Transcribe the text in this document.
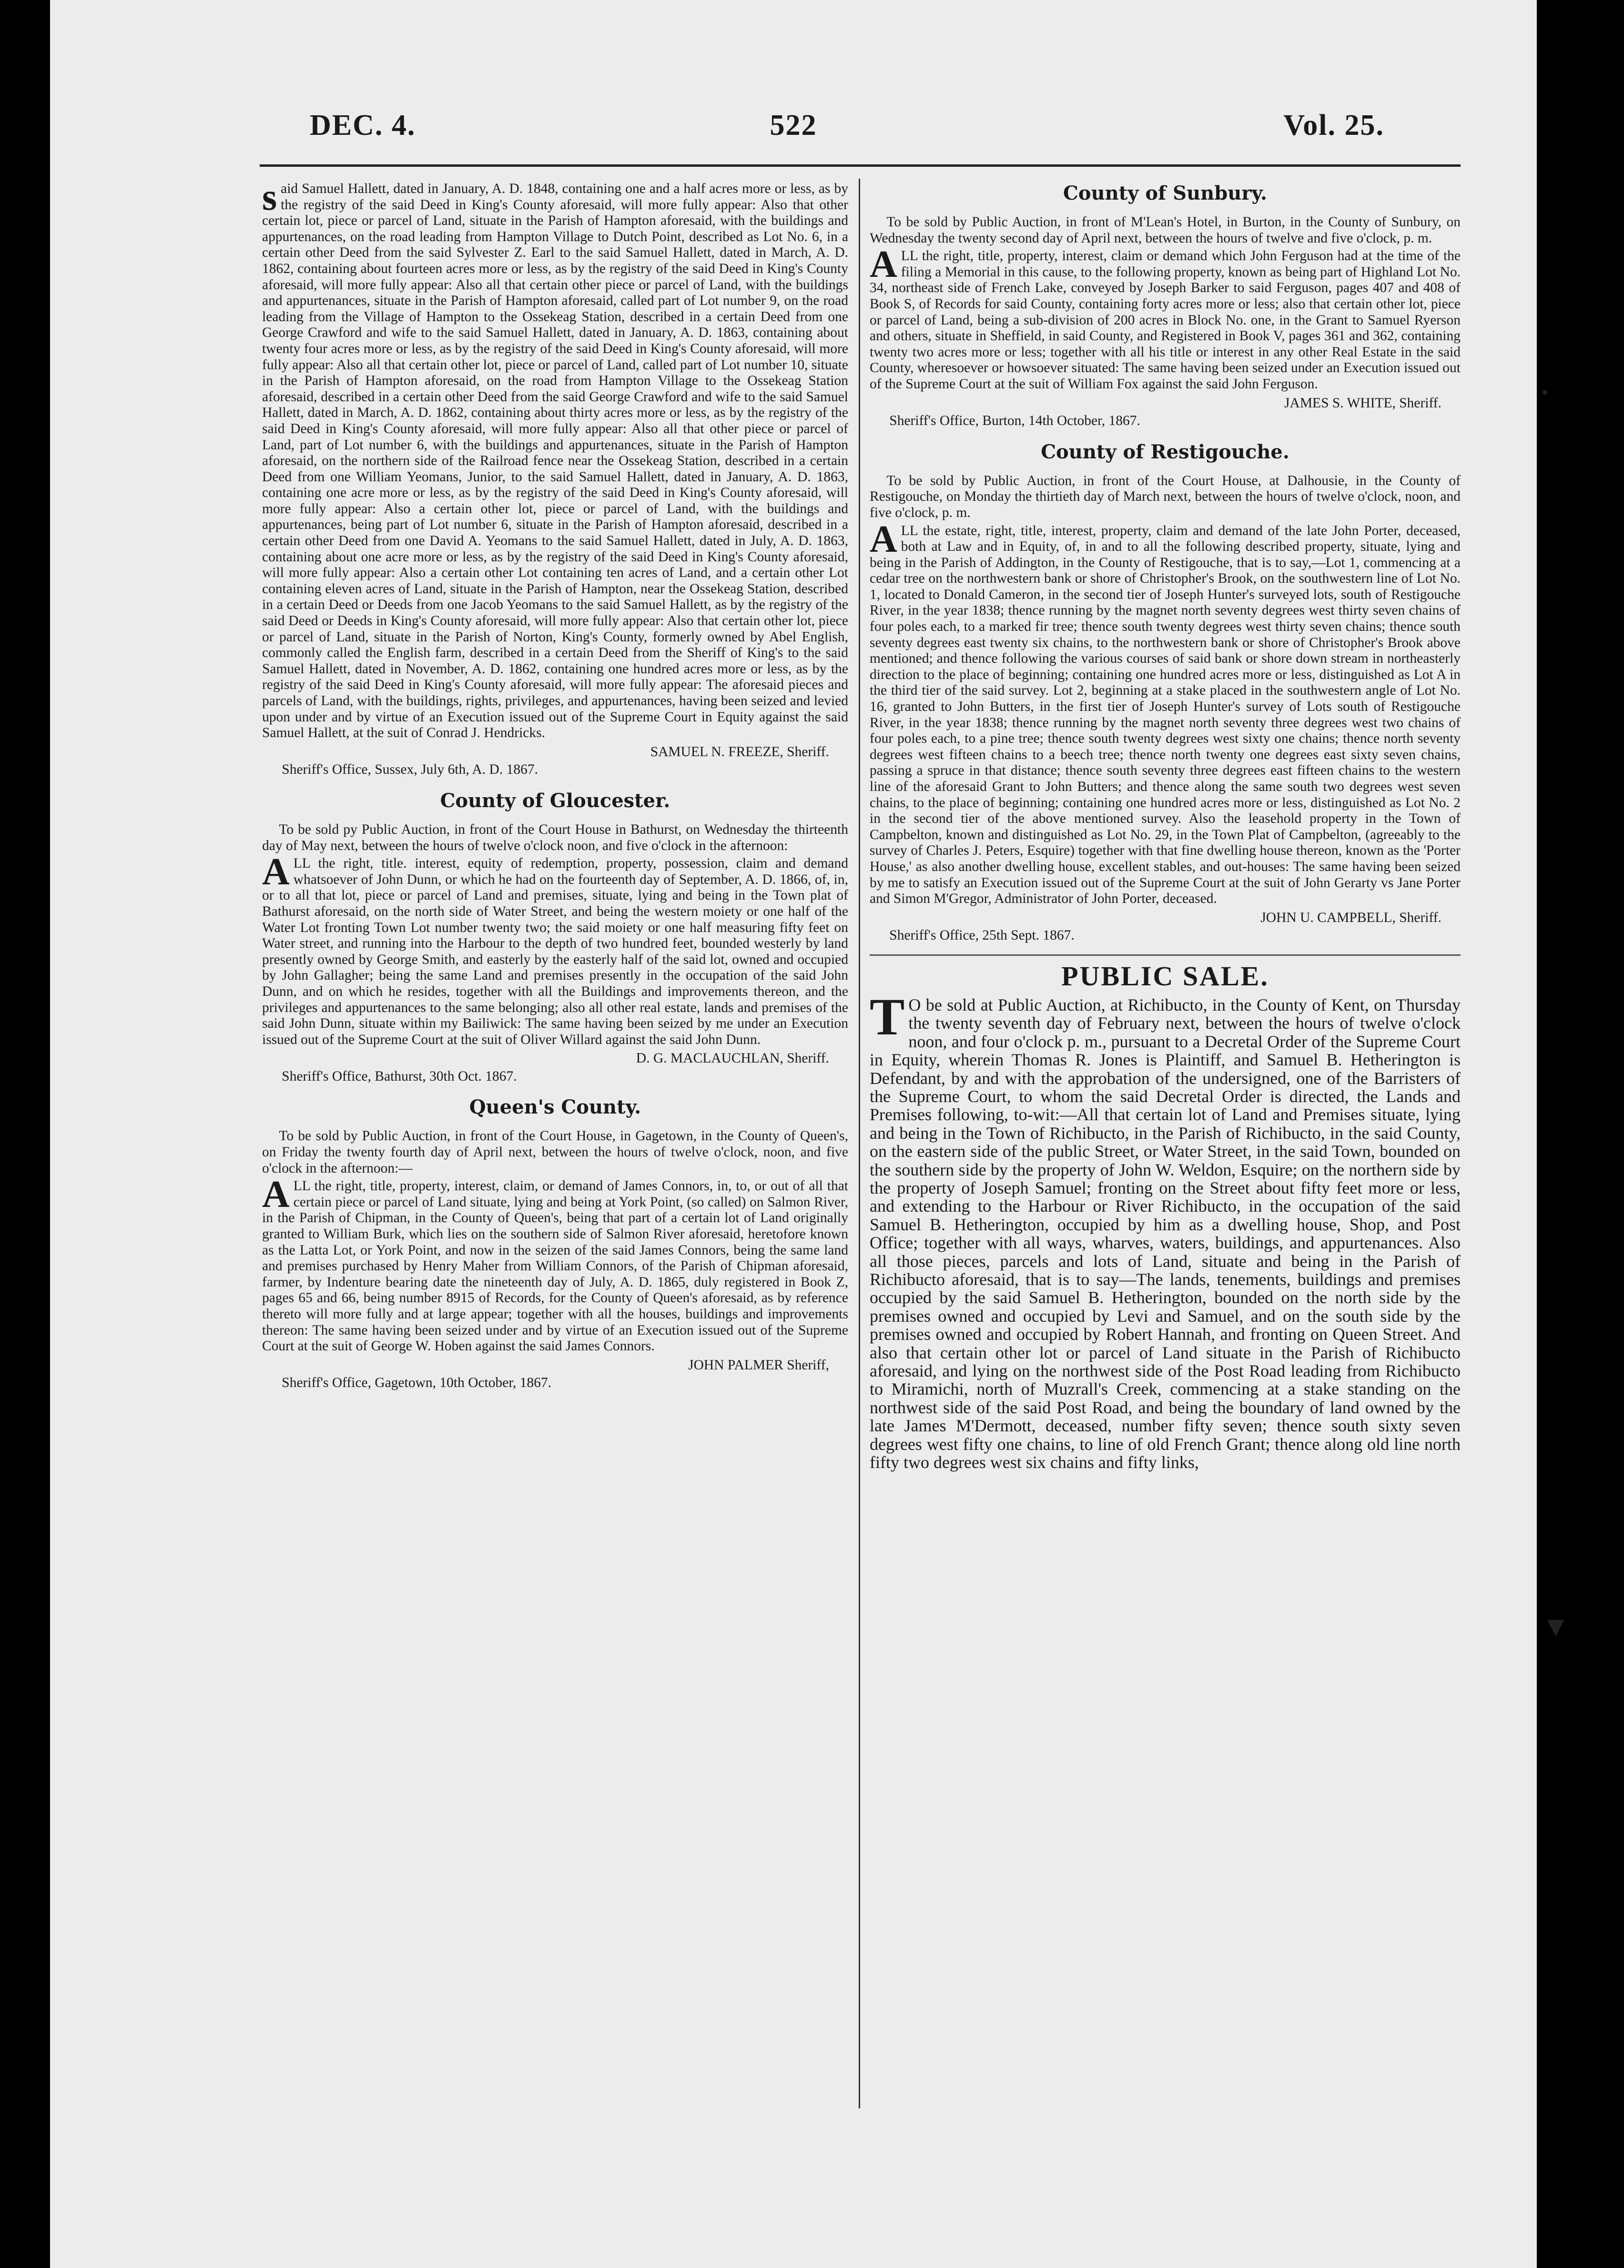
DEC. 4.	522	Vol. 25.

said Samuel Hallett, dated in January, A. D. 1848, containing one and a half acres more or less, as by the registry of the said Deed in King's County aforesaid, will more fully appear: Also that other certain lot, piece or parcel of Land, situate in the Parish of Hampton aforesaid, with the buildings and appurtenances, on the road leading from Hampton Village to Dutch Point, described as Lot No. 6, in a certain other Deed from the said Sylvester Z. Earl to the said Samuel Hallett, dated in March, A. D. 1862, containing about fourteen acres more or less, as by the registry of the said Deed in King's County aforesaid, will more fully appear: Also all that certain other piece or parcel of Land, with the buildings and appurtenances, situate in the Parish of Hampton aforesaid, called part of Lot number 9, on the road leading from the Village of Hampton to the Ossekeag Station, described in a certain Deed from one George Crawford and wife to the said Samuel Hallett, dated in January, A. D. 1863, containing about twenty four acres more or less, as by the registry of the said Deed in King's County aforesaid, will more fully appear: Also all that certain other lot, piece or parcel of Land, called part of Lot number 10, situate in the Parish of Hampton aforesaid, on the road from Hampton Village to the Ossekeag Station aforesaid, described in a certain other Deed from the said George Crawford and wife to the said Samuel Hallett, dated in March, A. D. 1862, containing about thirty acres more or less, as by the registry of the said Deed in King's County aforesaid, will more fully appear: Also all that other piece or parcel of Land, part of Lot number 6, with the buildings and appurtenances, situate in the Parish of Hampton aforesaid, on the northern side of the Railroad fence near the Ossekeag Station, described in a certain Deed from one William Yeomans, Junior, to the said Samuel Hallett, dated in January, A. D. 1863, containing one acre more or less, as by the registry of the said Deed in King's County aforesaid, will more fully appear: Also a certain other lot, piece or parcel of Land, with the buildings and appurtenances, being part of Lot number 6, situate in the Parish of Hampton aforesaid, described in a certain other Deed from one David A. Yeomans to the said Samuel Hallett, dated in July, A. D. 1863, containing about one acre more or less, as by the registry of the said Deed in King's County aforesaid, will more fully appear: Also a certain other Lot containing ten acres of Land, and a certain other Lot containing eleven acres of Land, situate in the Parish of Hampton, near the Ossekeag Station, described in a certain Deed or Deeds from one Jacob Yeomans to the said Samuel Hallett, as by the registry of the said Deed or Deeds in King's County aforesaid, will more fully appear: Also that certain other lot, piece or parcel of Land, situate in the Parish of Norton, King's County, formerly owned by Abel English, commonly called the English farm, described in a certain Deed from the Sheriff of King's to the said Samuel Hallett, dated in November, A. D. 1862, containing one hundred acres more or less, as by the registry of the said Deed in King's County aforesaid, will more fully appear: The aforesaid pieces and parcels of Land, with the buildings, rights, privileges, and appurtenances, having been seized and levied upon under and by virtue of an Execution issued out of the Supreme Court in Equity against the said Samuel Hallett, at the suit of Conrad J. Hendricks.

SAMUEL N. FREEZE, Sheriff.

Sheriff's Office, Sussex, July 6th, A. D. 1867.

County of Gloucester.

To be sold py Public Auction, in front of the Court House in Bathurst, on Wednesday the thirteenth day of May next, between the hours of twelve o'clock noon, and five o'clock in the afternoon:

ALL the right, title. interest, equity of redemption, property, possession, claim and demand whatsoever of John Dunn, or which he had on the fourteenth day of September, A. D. 1866, of, in, or to all that lot, piece or parcel of Land and premises, situate, lying and being in the Town plat of Bathurst aforesaid, on the north side of Water Street, and being the western moiety or one half of the Water Lot fronting Town Lot number twenty two; the said moiety or one half measuring fifty feet on Water street, and running into the Harbour to the depth of two hundred feet, bounded westerly by land presently owned by George Smith, and easterly by the easterly half of the said lot, owned and occupied by John Gallagher; being the same Land and premises presently in the occupation of the said John Dunn, and on which he resides, together with all the Buildings and improvements thereon, and the privileges and appurtenances to the same belonging; also all other real estate, lands and premises of the said John Dunn, situate within my Bailiwick: The same having been seized by me under an Execution issued out of the Supreme Court at the suit of Oliver Willard against the said John Dunn.

D. G. MACLAUCHLAN, Sheriff.

Sheriff's Office, Bathurst, 30th Oct. 1867.

Queen's County.

To be sold by Public Auction, in front of the Court House, in Gagetown, in the County of Queen's, on Friday the twenty fourth day of April next, between the hours of twelve o'clock, noon, and five o'clock in the afternoon:—

ALL the right, title, property, interest, claim, or demand of James Connors, in, to, or out of all that certain piece or parcel of Land situate, lying and being at York Point, (so called) on Salmon River, in the Parish of Chipman, in the County of Queen's, being that part of a certain lot of Land originally granted to William Burk, which lies on the southern side of Salmon River aforesaid, heretofore known as the Latta Lot, or York Point, and now in the seizen of the said James Connors, being the same land and premises purchased by Henry Maher from William Connors, of the Parish of Chipman aforesaid, farmer, by Indenture bearing date the nineteenth day of July, A. D. 1865, duly registered in Book Z, pages 65 and 66, being number 8915 of Records, for the County of Queen's aforesaid, as by reference thereto will more fully and at large appear; together with all the houses, buildings and improvements thereon: The same having been seized under and by virtue of an Execution issued out of the Supreme Court at the suit of George W. Hoben against the said James Connors.

JOHN PALMER Sheriff,

Sheriff's Office, Gagetown, 10th October, 1867.

County of Sunbury.

To be sold by Public Auction, in front of M'Lean's Hotel, in Burton, in the County of Sunbury, on Wednesday the twenty second day of April next, between the hours of twelve and five o'clock, p. m.

ALL the right, title, property, interest, claim or demand which John Ferguson had at the time of the filing a Memorial in this cause, to the following property, known as being part of Highland Lot No. 34, northeast side of French Lake, conveyed by Joseph Barker to said Ferguson, pages 407 and 408 of Book S, of Records for said County, containing forty acres more or less; also that certain other lot, piece or parcel of Land, being a sub-division of 200 acres in Block No. one, in the Grant to Samuel Ryerson and others, situate in Sheffield, in said County, and Registered in Book V, pages 361 and 362, containing twenty two acres more or less; together with all his title or interest in any other Real Estate in the said County, wheresoever or howsoever situated: The same having been seized under an Execution issued out of the Supreme Court at the suit of William Fox against the said John Ferguson.

JAMES S. WHITE, Sheriff.

Sheriff's Office, Burton, 14th October, 1867.

County of Restigouche.

To be sold by Public Auction, in front of the Court House, at Dalhousie, in the County of Restigouche, on Monday the thirtieth day of March next, between the hours of twelve o'clock, noon, and five o'clock, p. m.

ALL the estate, right, title, interest, property, claim and demand of the late John Porter, deceased, both at Law and in Equity, of, in and to all the following described property, situate, lying and being in the Parish of Addington, in the County of Restigouche, that is to say,—Lot 1, commencing at a cedar tree on the northwestern bank or shore of Christopher's Brook, on the southwestern line of Lot No. 1, located to Donald Cameron, in the second tier of Joseph Hunter's surveyed lots, south of Restigouche River, in the year 1838; thence running by the magnet north seventy degrees west thirty seven chains of four poles each, to a marked fir tree; thence south twenty degrees west thirty seven chains; thence south seventy degrees east twenty six chains, to the northwestern bank or shore of Christopher's Brook above mentioned; and thence following the various courses of said bank or shore down stream in northeasterly direction to the place of beginning; containing one hundred acres more or less, distinguished as Lot A in the third tier of the said survey. Lot 2, beginning at a stake placed in the southwestern angle of Lot No. 16, granted to John Butters, in the first tier of Joseph Hunter's survey of Lots south of Restigouche River, in the year 1838; thence running by the magnet north seventy three degrees west two chains of four poles each, to a pine tree; thence south twenty degrees west sixty one chains; thence north seventy degrees west fifteen chains to a beech tree; thence north twenty one degrees east sixty seven chains, passing a spruce in that distance; thence south seventy three degrees east fifteen chains to the western line of the aforesaid Grant to John Butters; and thence along the same south two degrees west seven chains, to the place of beginning; containing one hundred acres more or less, distinguished as Lot No. 2 in the second tier of the above mentioned survey. Also the leasehold property in the Town of Campbelton, known and distinguished as Lot No. 29, in the Town Plat of Campbelton, (agreeably to the survey of Charles J. Peters, Esquire) together with that fine dwelling house thereon, known as the 'Porter House,' as also another dwelling house, excellent stables, and out-houses: The same having been seized by me to satisfy an Execution issued out of the Supreme Court at the suit of John Gerarty vs Jane Porter and Simon M'Gregor, Administrator of John Porter, deceased.

JOHN U. CAMPBELL, Sheriff.

Sheriff's Office, 25th Sept. 1867.

PUBLIC SALE.

TO be sold at Public Auction, at Richibucto, in the County of Kent, on Thursday the twenty seventh day of February next, between the hours of twelve o'clock noon, and four o'clock p. m., pursuant to a Decretal Order of the Supreme Court in Equity, wherein Thomas R. Jones is Plaintiff, and Samuel B. Hetherington is Defendant, by and with the approbation of the undersigned, one of the Barristers of the Supreme Court, to whom the said Decretal Order is directed, the Lands and Premises following, to-wit:—All that certain lot of Land and Premises situate, lying and being in the Town of Richibucto, in the Parish of Richibucto, in the said County, on the eastern side of the public Street, or Water Street, in the said Town, bounded on the southern side by the property of John W. Weldon, Esquire; on the northern side by the property of Joseph Samuel; fronting on the Street about fifty feet more or less, and extending to the Harbour or River Richibucto, in the occupation of the said Samuel B. Hetherington, occupied by him as a dwelling house, Shop, and Post Office; together with all ways, wharves, waters, buildings, and appurtenances. Also all those pieces, parcels and lots of Land, situate and being in the Parish of Richibucto aforesaid, that is to say—The lands, tenements, buildings and premises occupied by the said Samuel B. Hetherington, bounded on the north side by the premises owned and occupied by Levi and Samuel, and on the south side by the premises owned and occupied by Robert Hannah, and fronting on Queen Street. And also that certain other lot or parcel of Land situate in the Parish of Richibucto aforesaid, and lying on the northwest side of the Post Road leading from Richibucto to Miramichi, north of Muzrall's Creek, commencing at a stake standing on the northwest side of the said Post Road, and being the boundary of land owned by the late James M'Dermott, deceased, number fifty seven; thence south sixty seven degrees west fifty one chains, to line of old French Grant; thence along old line north fifty two degrees west six chains and fifty links,

•
▼
